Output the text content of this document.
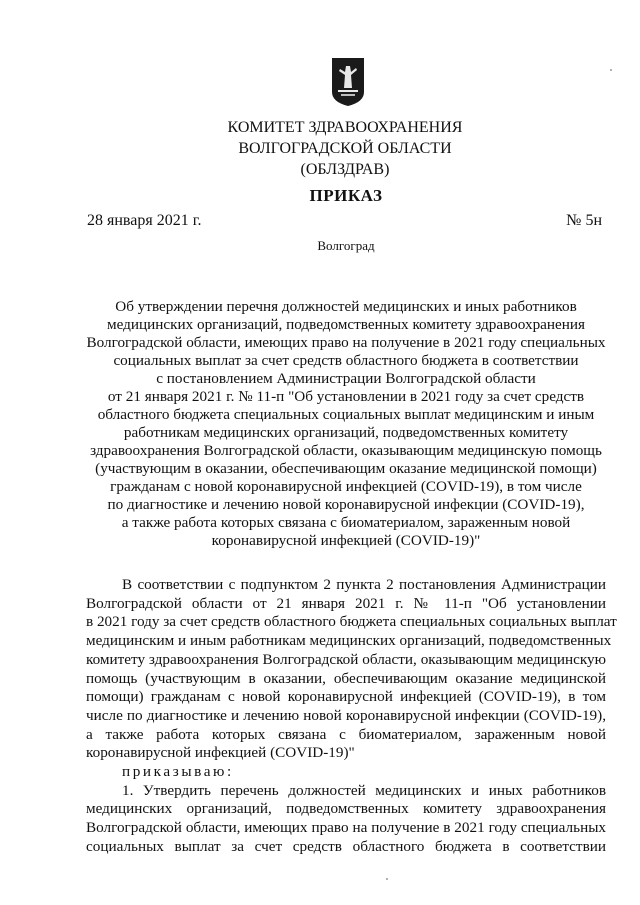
КОМИТЕТ ЗДРАВООХРАНЕНИЯ
ВОЛГОГРАДСКОЙ ОБЛАСТИ
(ОБЛЗДРАВ)
ПРИКАЗ
28 января 2021 г.	№ 5н
Волгоград
Об утверждении перечня должностей медицинских и иных работников
медицинских организаций, подведомственных комитету здравоохранения
Волгоградской области, имеющих право на получение в 2021 году специальных
социальных выплат за счет средств областного бюджета в соответствии
с постановлением Администрации Волгоградской области
от 21 января 2021 г. № 11-п "Об установлении в 2021 году за счет средств
областного бюджета специальных социальных выплат медицинским и иным
работникам медицинских организаций, подведомственных комитету
здравоохранения Волгоградской области, оказывающим медицинскую помощь
(участвующим в оказании, обеспечивающим оказание медицинской помощи)
гражданам с новой коронавирусной инфекцией (COVID-19), в том числе
по диагностике и лечению новой коронавирусной инфекции (COVID-19),
а также работа которых связана с биоматериалом, зараженным новой
коронавирусной инфекцией (COVID-19)"
В соответствии с подпунктом 2 пункта 2 постановления Администрации
Волгоградской области от 21 января 2021 г. № 11-п "Об установлении
в 2021 году за счет средств областного бюджета специальных социальных выплат
медицинским и иным работникам медицинских организаций, подведомственных
комитету здравоохранения Волгоградской области, оказывающим медицинскую
помощь (участвующим в оказании, обеспечивающим оказание медицинской
помощи) гражданам с новой коронавирусной инфекцией (COVID-19), в том
числе по диагностике и лечению новой коронавирусной инфекции (COVID-19),
а также работа которых связана с биоматериалом, зараженным новой
коронавирусной инфекцией (COVID-19)"
приказываю:
1. Утвердить перечень должностей медицинских и иных работников
медицинских организаций, подведомственных комитету здравоохранения
Волгоградской области, имеющих право на получение в 2021 году специальных
социальных выплат за счет средств областного бюджета в соответствии
